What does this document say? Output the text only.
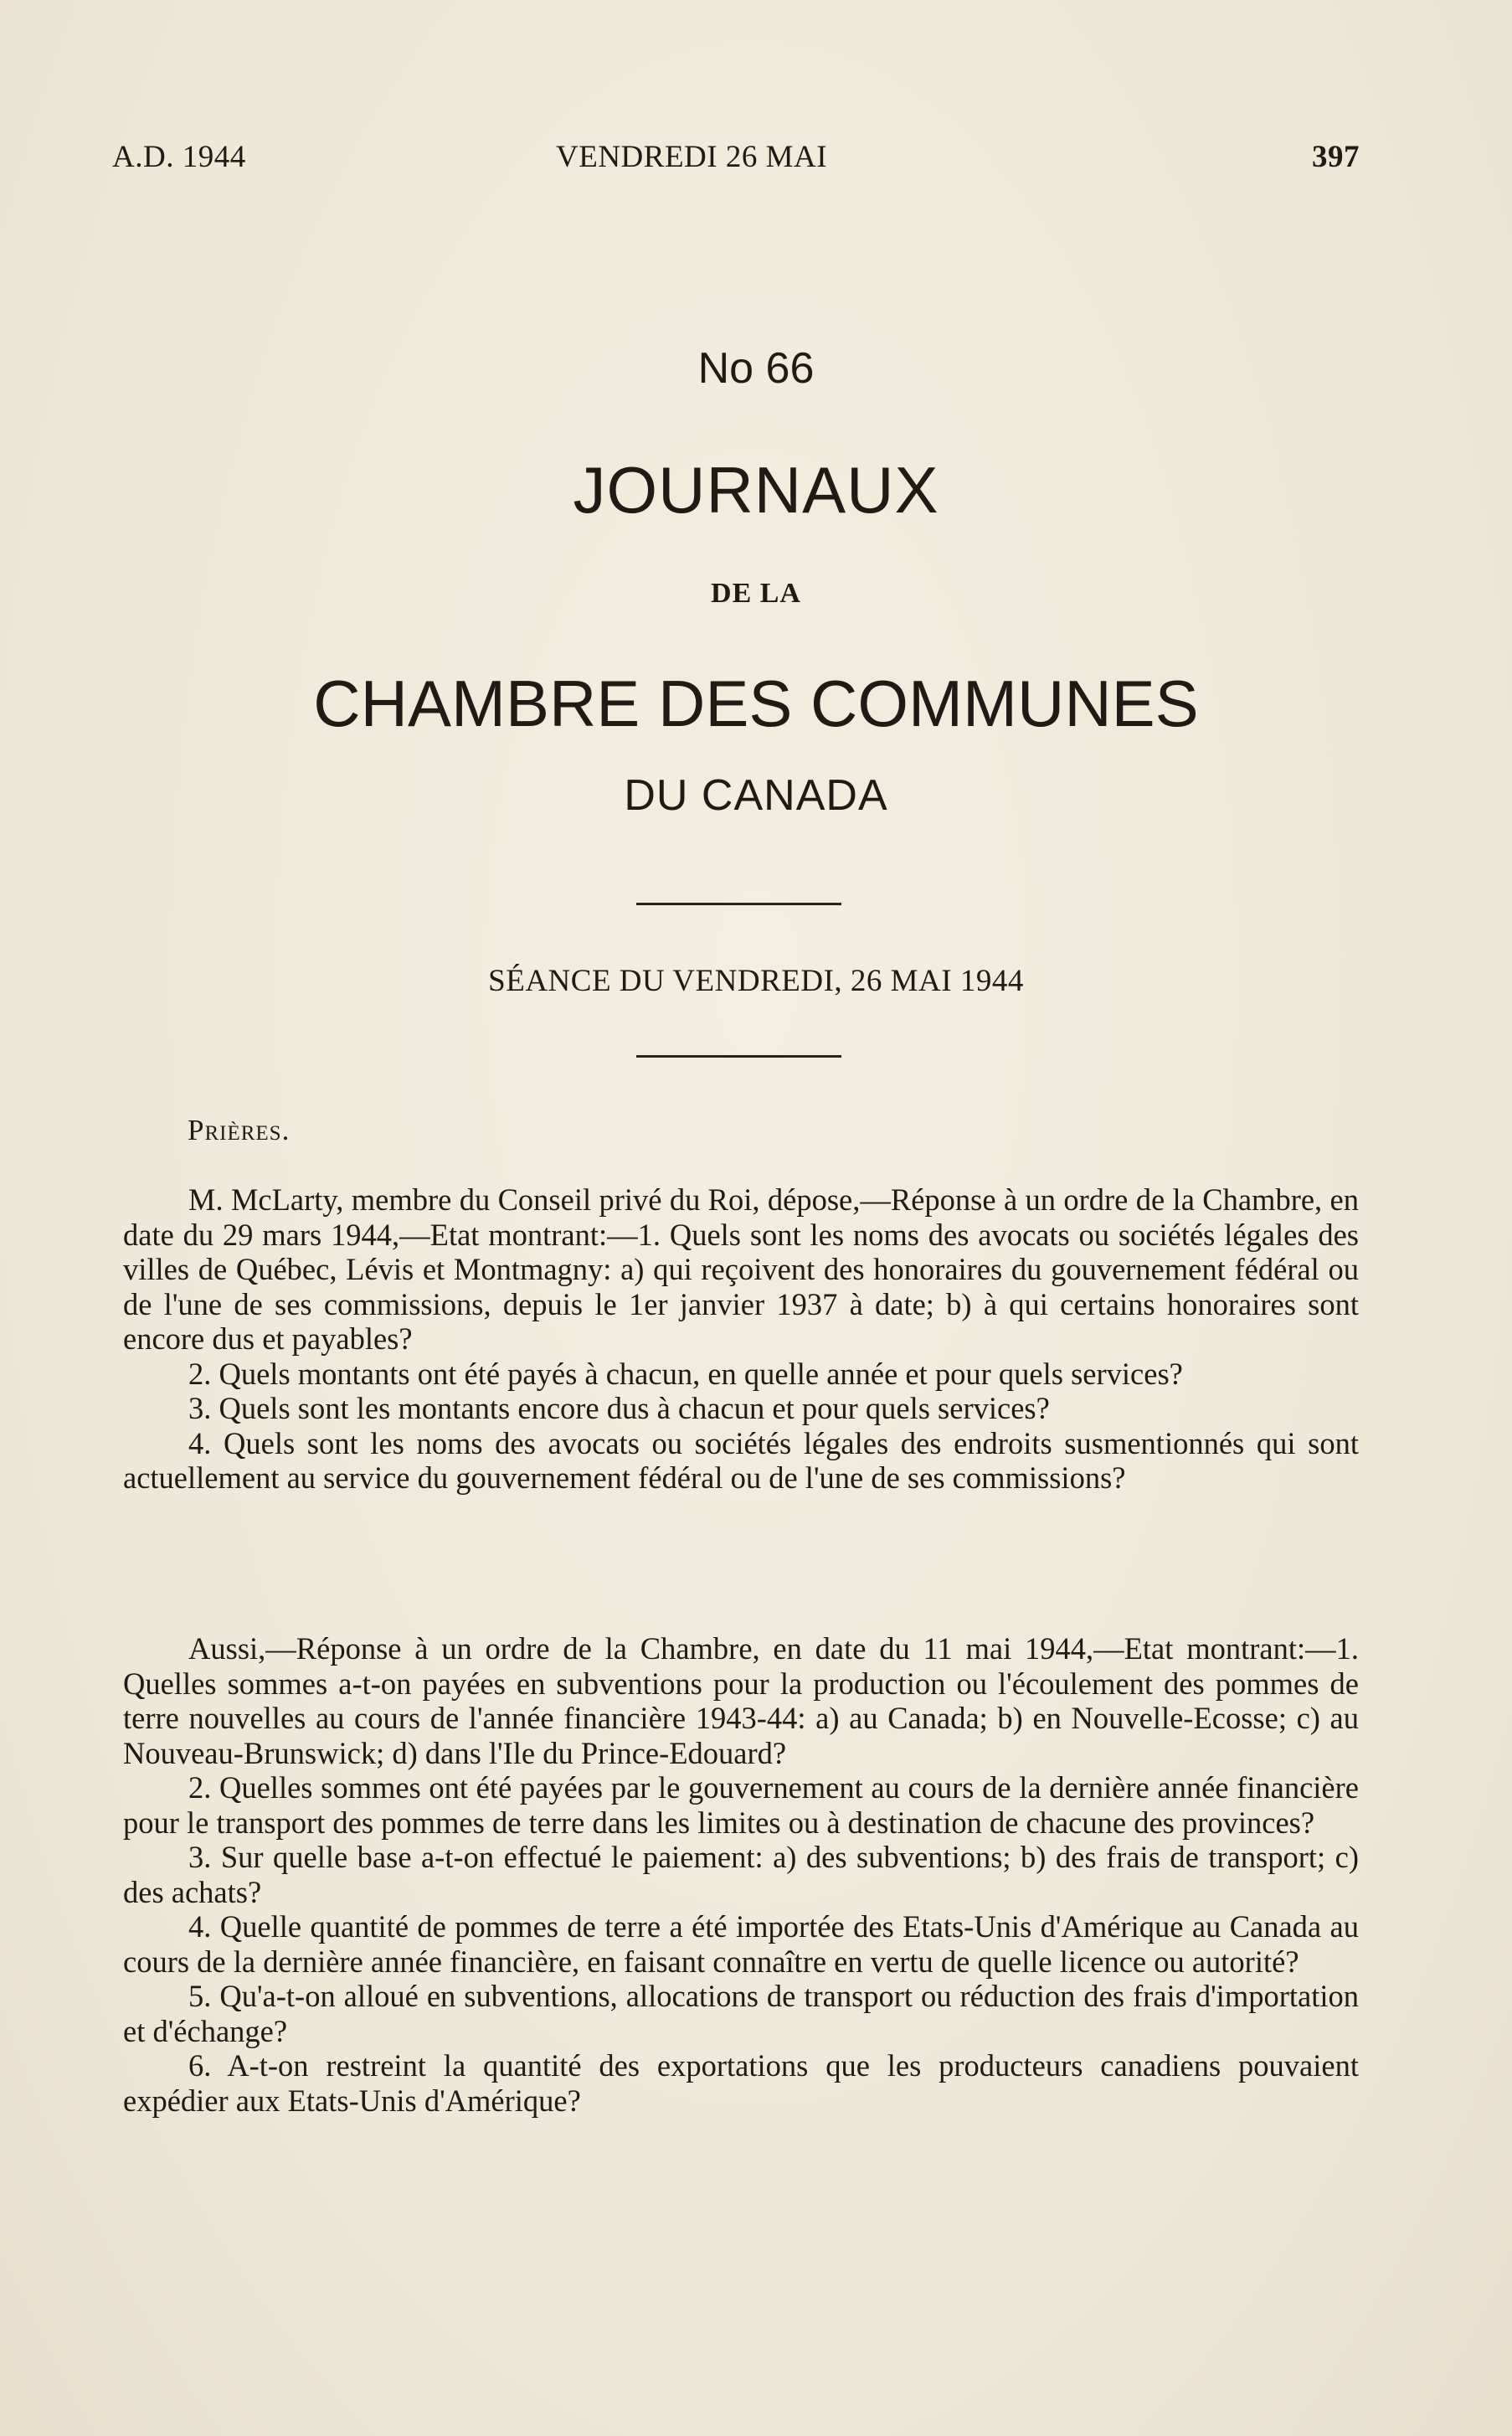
A.D. 1944	VENDREDI 26 MAI	397
No 66
JOURNAUX
DE LA
CHAMBRE DES COMMUNES
DU CANADA
SÉANCE DU VENDREDI, 26 MAI 1944
Prières.

M. McLarty, membre du Conseil privé du Roi, dépose,—Réponse à un ordre de la Chambre, en date du 29 mars 1944,—Etat montrant:—1. Quels sont les noms des avocats ou sociétés légales des villes de Québec, Lévis et Montmagny: a) qui reçoivent des honoraires du gouvernement fédéral ou de l'une de ses commissions, depuis le 1er janvier 1937 à date; b) à qui certains honoraires sont encore dus et payables?

2. Quels montants ont été payés à chacun, en quelle année et pour quels services?

3. Quels sont les montants encore dus à chacun et pour quels services?

4. Quels sont les noms des avocats ou sociétés légales des endroits susmentionnés qui sont actuellement au service du gouvernement fédéral ou de l'une de ses commissions?

Aussi,—Réponse à un ordre de la Chambre, en date du 11 mai 1944,—Etat montrant:—1. Quelles sommes a-t-on payées en subventions pour la production ou l'écoulement des pommes de terre nouvelles au cours de l'année financière 1943-44: a) au Canada; b) en Nouvelle-Ecosse; c) au Nouveau-Brunswick; d) dans l'Ile du Prince-Edouard?

2. Quelles sommes ont été payées par le gouvernement au cours de la dernière année financière pour le transport des pommes de terre dans les limites ou à destination de chacune des provinces?

3. Sur quelle base a-t-on effectué le paiement: a) des subventions; b) des frais de transport; c) des achats?

4. Quelle quantité de pommes de terre a été importée des Etats-Unis d'Amérique au Canada au cours de la dernière année financière, en faisant connaître en vertu de quelle licence ou autorité?

5. Qu'a-t-on alloué en subventions, allocations de transport ou réduction des frais d'importation et d'échange?

6. A-t-on restreint la quantité des exportations que les producteurs canadiens pouvaient expédier aux Etats-Unis d'Amérique?
